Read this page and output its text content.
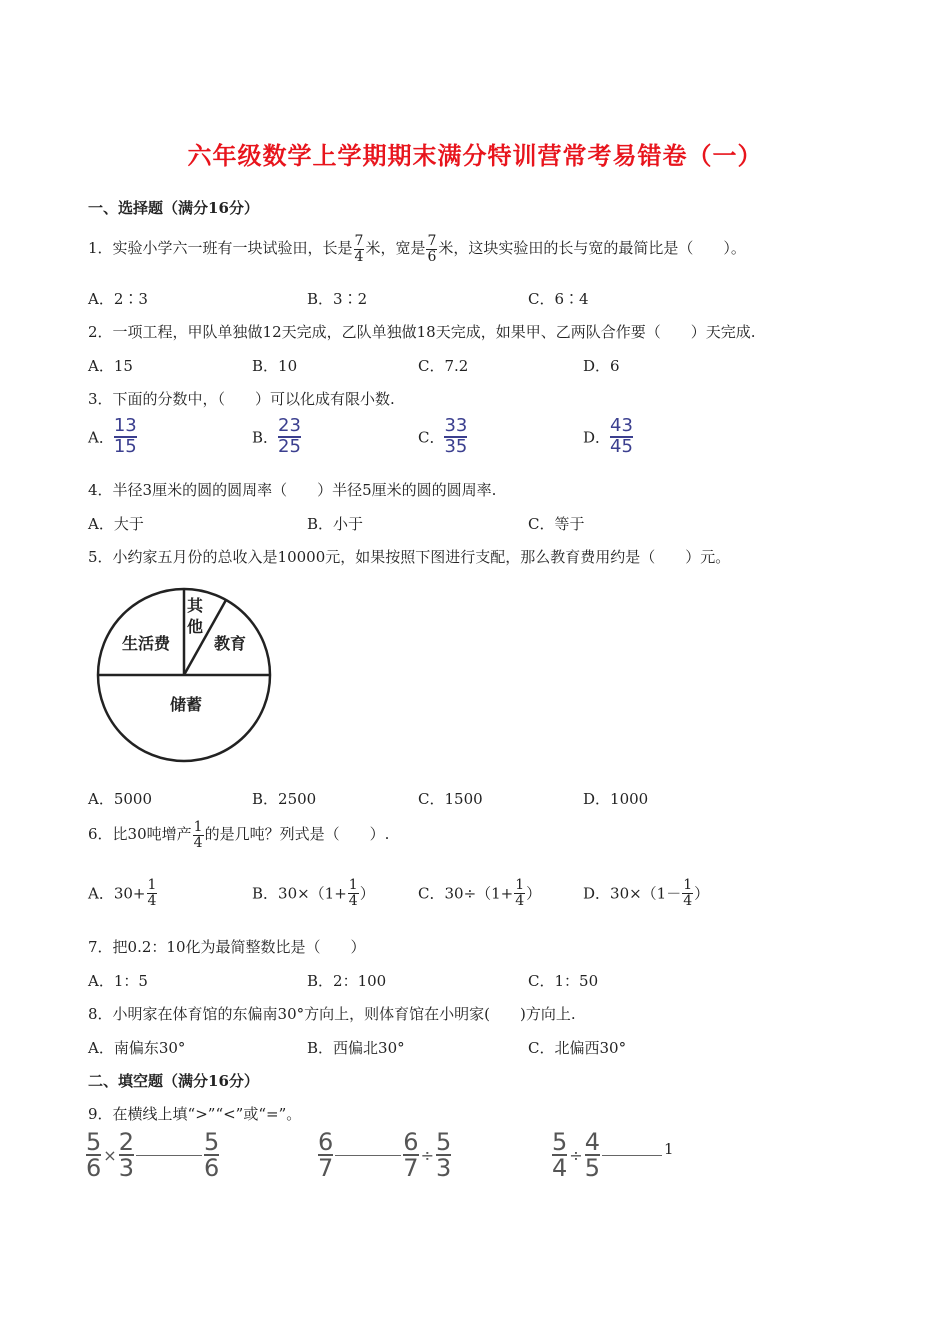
六年级数学上学期期末满分特训营常考易错卷（一）
一、选择题（满分16分）
1．实验小学六一班有一块试验田，长是 $\frac{7}{4}$ 米，宽是 $\frac{7}{6}$ 米，这块实验田的长与宽的最简比是（　　）。
A．2∶3	B．3∶2	C．6∶4
2．一项工程，甲队单独做12天完成，乙队单独做18天完成，如果甲、乙两队合作要（　　）天完成.
A．15	B．10	C．7.2	D．6
3．下面的分数中，（　　）可以化成有限小数.
A． $\frac{13}{15}$	B． $\frac{23}{25}$	C． $\frac{33}{35}$	D． $\frac{43}{45}$
4．半径3厘米的圆的圆周率（　　）半径5厘米的圆的圆周率.
A．大于	B．小于	C．等于
5．小约家五月份的总收入是10000元，如果按照下图进行支配，那么教育费用约是（　　）元。
生活费
其
他
教育
储蓄
A．5000	B．2500	C．1500	D．1000
6．比30吨增产 $\frac{1}{4}$ 的是几吨？列式是（　　）.
A．$30+ \frac{1}{4}$	B．$30\times(1+ \frac{1}{4}$ ）	C．$30\div(1+ \frac{1}{4}$ ）	D．$30\times(1- \frac{1}{4}$ ）
7．把0.2：10化为最简整数比是（　　）
A．1：5	B．2：100	C．1：50
8．小明家在体育馆的东偏南30°方向上，则体育馆在小明家(　　)方向上.
A．南偏东30°	B．西偏北30°	C．北偏西30°
二、填空题（满分16分）
9．在横线上填“>”“<”或“=”。
$\frac{5}{6} \times \frac{2}{3}$	$\frac{5}{6}$	$\frac{6}{7}$	$\frac{6}{7} \div \frac{5}{3}$	$\frac{5}{4} \div \frac{4}{5}$	1
